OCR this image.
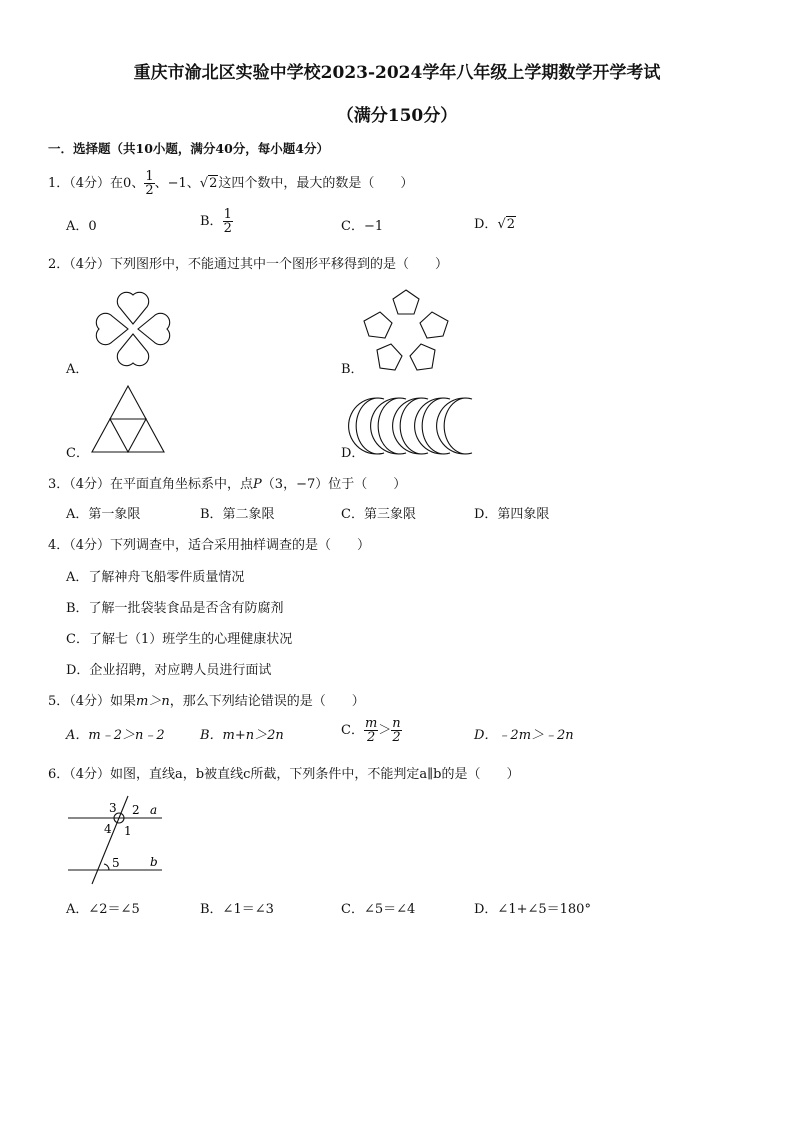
重庆市渝北区实验中学校2023-2024学年八年级上学期数学开学考试
（满分150分）
一．选择题（共10小题，满分40分，每小题4分）
1．（4分）在0、 $\frac{1}{2}$ 、−1、√2这四个数中，最大的数是（　　）
A．0	B． $\frac{1}{2}$	C．−1	D．√2
2．（4分）下列图形中，不能通过其中一个图形平移得到的是（　　）
A．	B．
C．	D．
3．（4分）在平面直角坐标系中，点P（3，−7）位于（　　）
A．第一象限	B．第二象限	C．第三象限	D．第四象限
4．（4分）下列调查中，适合采用抽样调查的是（　　）
A．了解神舟飞船零件质量情况
B．了解一批袋装食品是否含有防腐剂
C．了解七（1）班学生的心理健康状况
D．企业招聘，对应聘人员进行面试
5．（4分）如果m＞n，那么下列结论错误的是（　　）
A．m﹣2＞n﹣2	B．m+n＞2n	C． $\frac{m}{2} > \frac{n}{2}$	D．﹣2m＞﹣2n
6．（4分）如图，直线a，b被直线c所截，下列条件中，不能判定a∥b的是（　　）
3 2 a
4 1
5	b
A．∠2＝∠5	B．∠1＝∠3	C．∠5＝∠4	D．∠1+∠5＝180°
